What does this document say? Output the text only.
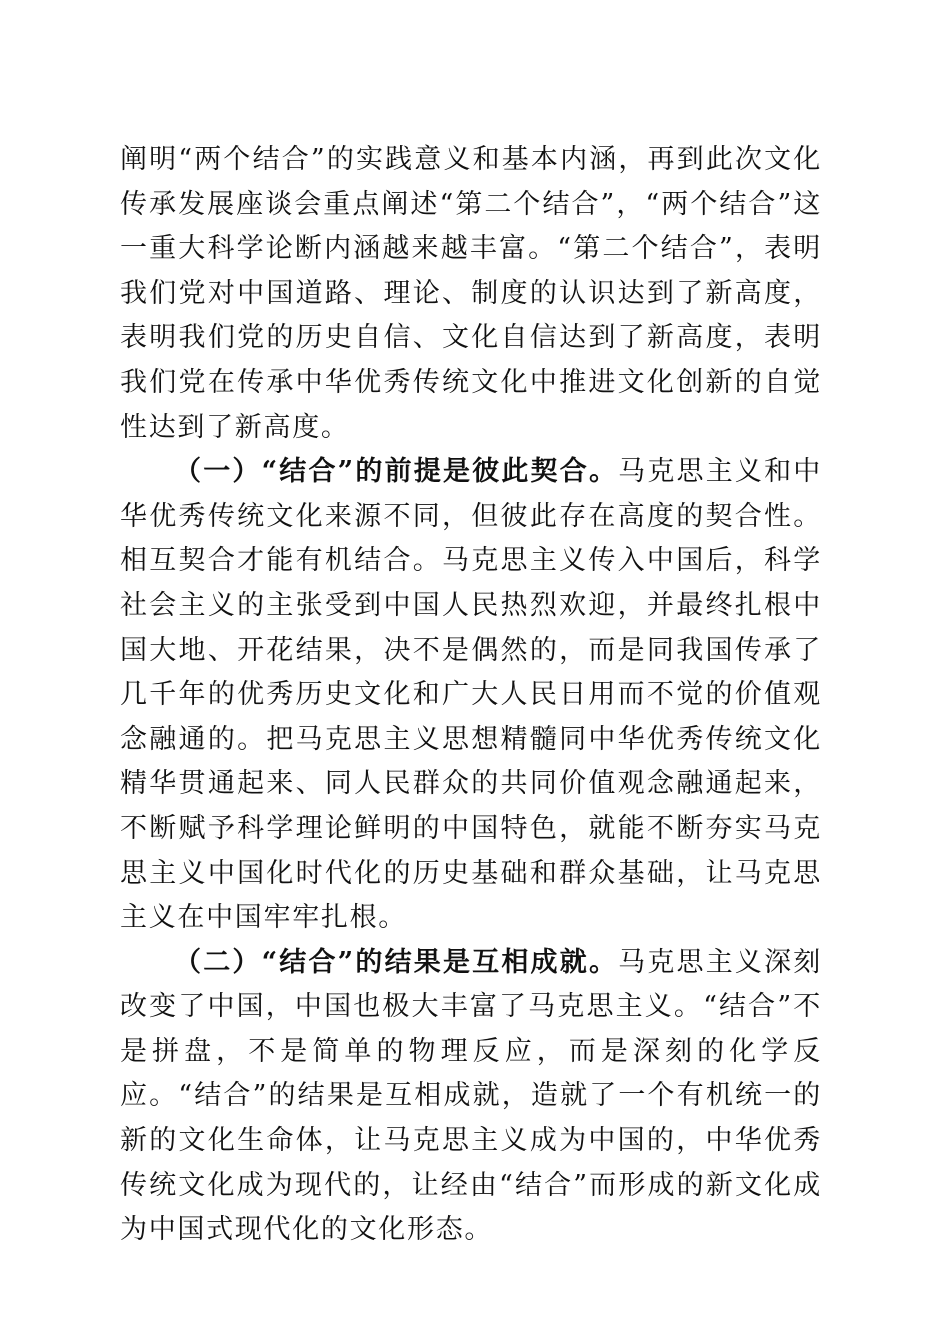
阐明“两个结合”的实践意义和基本内涵，再到此次文化传承发展座谈会重点阐述“第二个结合”，“两个结合”这一重大科学论断内涵越来越丰富。“第二个结合”，表明我们党对中国道路、理论、制度的认识达到了新高度，表明我们党的历史自信、文化自信达到了新高度，表明我们党在传承中华优秀传统文化中推进文化创新的自觉性达到了新高度。

（一）“结合”的前提是彼此契合。马克思主义和中华优秀传统文化来源不同，但彼此存在高度的契合性。相互契合才能有机结合。马克思主义传入中国后，科学社会主义的主张受到中国人民热烈欢迎，并最终扎根中国大地、开花结果，决不是偶然的，而是同我国传承了几千年的优秀历史文化和广大人民日用而不觉的价值观念融通的。把马克思主义思想精髓同中华优秀传统文化精华贯通起来、同人民群众的共同价值观念融通起来，不断赋予科学理论鲜明的中国特色，就能不断夯实马克思主义中国化时代化的历史基础和群众基础，让马克思主义在中国牢牢扎根。

（二）“结合”的结果是互相成就。马克思主义深刻改变了中国，中国也极大丰富了马克思主义。“结合”不是拼盘，不是简单的物理反应，而是深刻的化学反应。“结合”的结果是互相成就，造就了一个有机统一的新的文化生命体，让马克思主义成为中国的，中华优秀传统文化成为现代的，让经由“结合”而形成的新文化成为中国式现代化的文化形态。
